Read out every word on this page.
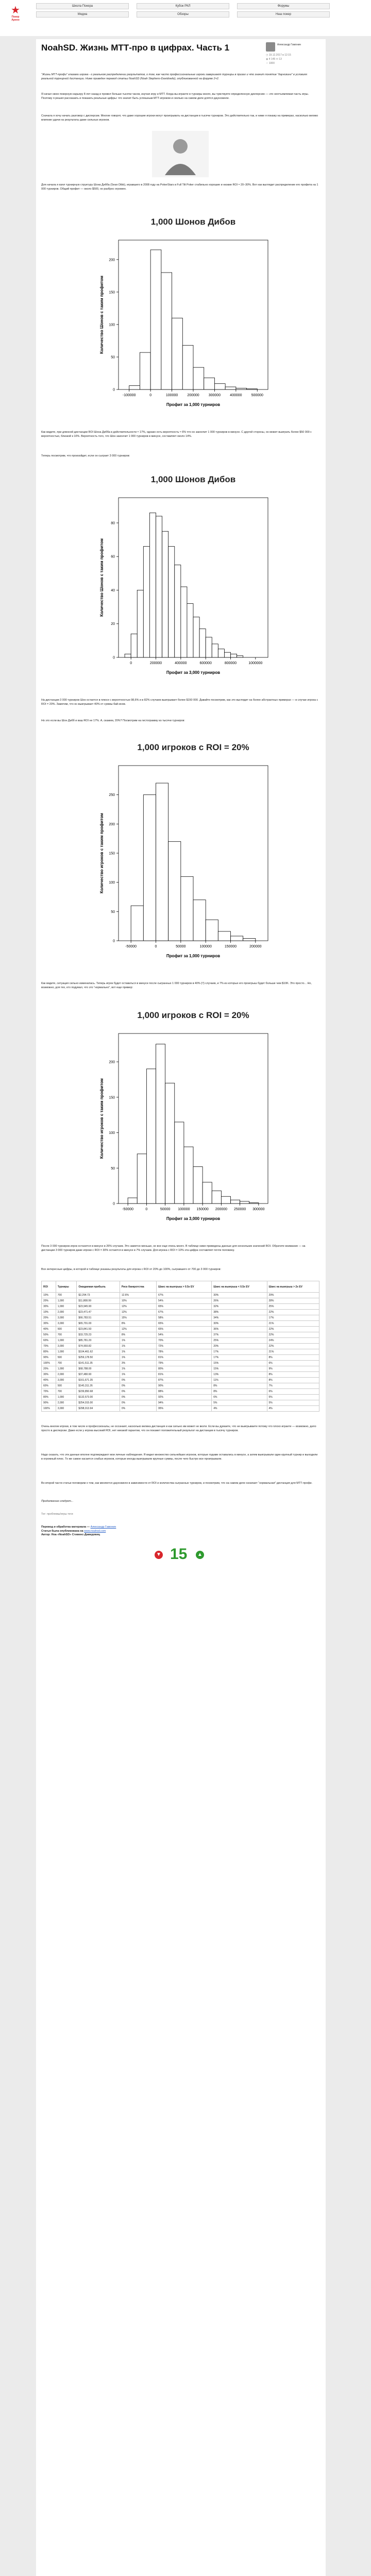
★
Покер
Арено
Школа Покера	Кубок РКЛ	Форумы
Медиа	Обзоры	Наш покер
NoahSD. Жизнь МТТ-про в цифрах. Часть 1	Александр Гамонин
◷ 19.12.2017 в 12:15
◉ 4 145 ✉ 13
☆ 1000

“Жизнь МТТ-профи” глазами игрока - о реальном распределении результатов, о том, как часто профессиональные игроки завершают турниры в призах и что значит понятие “даунсвинг” в условиях реальной турнирной дистанции. Ниже приведен перевод статьи NoahSD (Noah Stephens-Davidowitz), опубликованной на форуме 2+2.

Я начал свою покерную карьеру 8 лет назад и провел больше тысячи часов, изучая игру и МТТ. Когда вы играете в турниры много, вы чувствуете определенную дисперсию — это неотъемлемая часть игры. Поэтому я решил рассказать и показать реальные цифры: что значит быть успешным МТТ-игроком и сколько на самом деле длятся даунсвинги.

Сначала я хочу начать разговор с дисперсии. Многие говорят, что даже хорошие игроки могут проигрывать на дистанции в тысячи турниров. Это действительно так, и ниже я покажу на примерах, насколько велико влияние удачи на результаты даже сильных игроков.

Для начала я взял турнирную структуру Шона Дибба (Sean Dibb), игравшего в 2008 году на PokerStars в Full Tilt Poker стабильно хорошие и низкие ROI ≈ 20–30%. Вот как выглядит распределение его профита на 1 000 турниров. Общий профит — около $500, но разброс огромен.

1,000 Шонов Дибов
-100000	0	100000	200000	300000	400000	500000
0
50
100
150
200
Профит за 1,000 турниров
Количество Шонов с таким профитом

Как видите, при длинной дистанции ROI Шона Дибба в действительности ≈ 17%, однако есть вероятность ≈ 6% что он закончит 1 000 турниров в минусе. С другой стороны, он может выиграть более $50 000 с вероятностью, близкой к 10%. Вероятность того, что Шон закончит 1 000 турниров в минусе, составляет около 14%.

Теперь посмотрим, что произойдет, если он сыграет 3 000 турниров:

1,000 Шонов Дибов
0	200000	400000	600000	800000	1000000
0
20
40
60
80
Профит за 3,000 турниров
Количество Шонов с таким профитом

На дистанции 3 000 турниров Шон остается в плюсе с вероятностью 98,6% и в 82% случаев выигрывает более $150 000. Давайте посмотрим, как это выглядит на более абстрактных примерах — в случае игрока с ROI = 20%. Заметим, что он выигрывает 40% от суммы бай-инов.

Но это если вы Шон Дибб и ваш ROI не 17%. А, скажем, 20%? Посмотрим на гистограмму из тысячи турниров:

1,000 игроков с ROI = 20%
-50000	0	50000	100000	150000	200000
0
50
100
150
200
250
Профит за 1,000 турниров
Количество игроков с таким профитом

Как видите, ситуация сильно изменилась. Теперь игрок будет оставаться в минусе после сыгранных 1 000 турниров в 40% (!!) случаев, и 7% из которых его проигрыш будет больше чем $10K. Это просто... Но, возможно, для тех, кто подумал, что это “нормально”, вот еще пример:

1,000 игроков с ROI = 20%
-50000	0	50000 100000 150000 200000 250000 300000
0
50
100
150
200
Профит за 3,000 турниров
Количество игроков с таким профитом

После 3 000 турниров игрок останется в минусе в 26% случаев. Это заметно меньше, но все еще очень много. В таблице ниже приведены данные для нескольких значений ROI. Обратите внимание — на дистанции 3 000 турниров даже игроки с ROI = 30% остаются в минусе в 7% случаев. Для игрока с ROI = 10% эта цифра составляет почти половину.

Все интересные цифры, в которой в таблице указаны результаты для игрока с ROI от 20% до 100%, сыгравшего от 700 до 3 000 турниров:

ROI	Турниры	Ожидаемая прибыль	Риск банкротства	Шанс на выигрыш > 0.5x EV	Шанс на выигрыш < 0.5x EV	Шанс на выигрыш > 2x EV
10%	700	$2,294.73	12.6%	67%	30%	29%
20%	1,000	$11,808.99	10%	54%	26%	28%
30%	1,000	$23,945.90	12%	65%	32%	25%
10%	2,000	$23,471.47	12%	67%	38%	22%
20%	3,000	$66,783.51	15%	58%	34%	17%
30%	3,000	$65,791.00	8%	65%	30%	21%
40%	500	$23,841.50	12%	65%	36%	22%
50%	700	$33,725.23	8%	54%	37%	22%
60%	1,000	$85,781.20	1%	70%	25%	24%
70%	3,000	$74,993.82	1%	72%	20%	22%
80%	1,000	$104,461.62	1%	78%	17%	21%
90%	500	$259,178.50	1%	81%	17%	8%
100%	700	$141,511.35	3%	79%	15%	6%
20%	1,000	$68,788.00	1%	80%	15%	9%
30%	2,000	$37,480.90	1%	81%	13%	8%
40%	3,000	$161,671.35	0%	87%	11%	8%
60%	500	$140,311.26	0%	90%	8%	7%
70%	700	$239,850.68	0%	88%	8%	6%
80%	1,000	$132,573.00	0%	92%	6%	5%
90%	2,000	$254,015.00	0%	94%	5%	5%
100%	3,000	$298,013.94	0%	95%	4%	4%

Очень многие игроки, в том числе и профессионалы, не осознают, насколько велика дистанция и как сильно им может не везти. Если вы думаете, что не выигрываете потому что плохо играете — возможно, дело просто в дисперсии. Даже если у игрока высокий ROI, нет никакой гарантии, что он покажет положительный результат на дистанции в тысячу турниров.

Надо сказать, что эти данные вполне подтверждают мои личные наблюдения. Я видел множество сильнейших игроков, которые годами оставались в минусе, а затем выигрывали один крупный турнир и выходили в огромный плюс. То же самое касается слабых игроков, которые иногда выигрывали крупные суммы, после чего быстро все проигрывали.

Во второй части статьи поговорим о том, как меняются даунсвинги в зависимости от ROI и количества сыгранных турниров, и посмотрим, что на самом деле означает “нормальная” дистанция для МТТ-профи.

Продолжение следует...

Тег: проблемы/игры теги

Перевод и обработка материала — Александр Гамонин
Статья была опубликована на www.noahsd.com
Автор: Ноа «NoahSD» Стивенс-Давидовиц
▼ 15	▲
